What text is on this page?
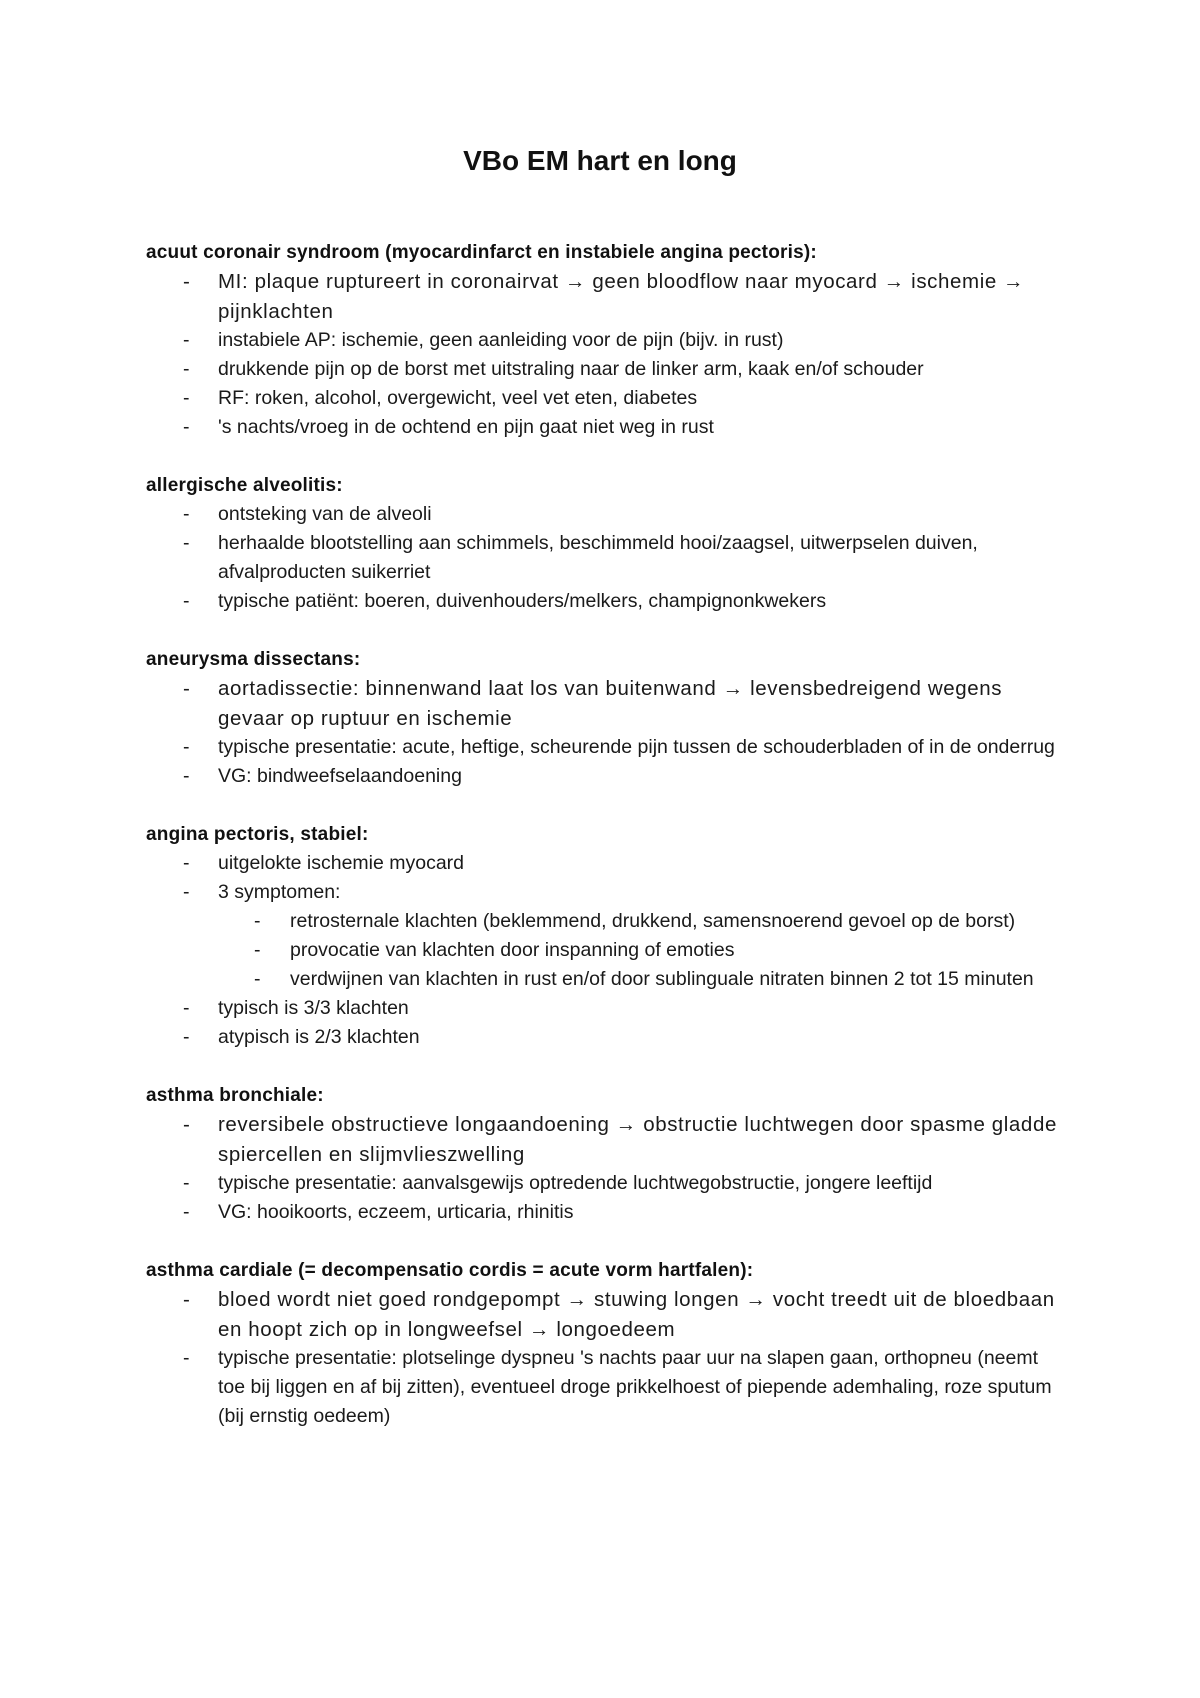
VBo EM hart en long
acuut coronair syndroom (myocardinfarct en instabiele angina pectoris):
- MI: plaque ruptureert in coronairvat → geen bloodflow naar myocard → ischemie → pijnklachten
- instabiele AP: ischemie, geen aanleiding voor de pijn (bijv. in rust)
- drukkende pijn op de borst met uitstraling naar de linker arm, kaak en/of schouder
- RF: roken, alcohol, overgewicht, veel vet eten, diabetes
- 's nachts/vroeg in de ochtend en pijn gaat niet weg in rust
allergische alveolitis:
- ontsteking van de alveoli
- herhaalde blootstelling aan schimmels, beschimmeld hooi/zaagsel, uitwerpselen duiven, afvalproducten suikerriet
- typische patiënt: boeren, duivenhouders/melkers, champignonkwekers
aneurysma dissectans:
- aortadissectie: binnenwand laat los van buitenwand → levensbedreigend wegens gevaar op ruptuur en ischemie
- typische presentatie: acute, heftige, scheurende pijn tussen de schouderbladen of in de onderrug
- VG: bindweefselaandoening
angina pectoris, stabiel:
- uitgelokte ischemie myocard
- 3 symptomen:
- retrosternale klachten (beklemmend, drukkend, samensnoerend gevoel op de borst)
- provocatie van klachten door inspanning of emoties
- verdwijnen van klachten in rust en/of door sublinguale nitraten binnen 2 tot 15 minuten
- typisch is 3/3 klachten
- atypisch is 2/3 klachten
asthma bronchiale:
- reversibele obstructieve longaandoening → obstructie luchtwegen door spasme gladde spiercellen en slijmvlieszwelling
- typische presentatie: aanvalsgewijs optredende luchtwegobstructie, jongere leeftijd
- VG: hooikoorts, eczeem, urticaria, rhinitis
asthma cardiale (= decompensatio cordis = acute vorm hartfalen):
- bloed wordt niet goed rondgepompt → stuwing longen → vocht treedt uit de bloedbaan en hoopt zich op in longweefsel → longoedeem
- typische presentatie: plotselinge dyspneu 's nachts paar uur na slapen gaan, orthopneu (neemt toe bij liggen en af bij zitten), eventueel droge prikkelhoest of piepende ademhaling, roze sputum (bij ernstig oedeem)
